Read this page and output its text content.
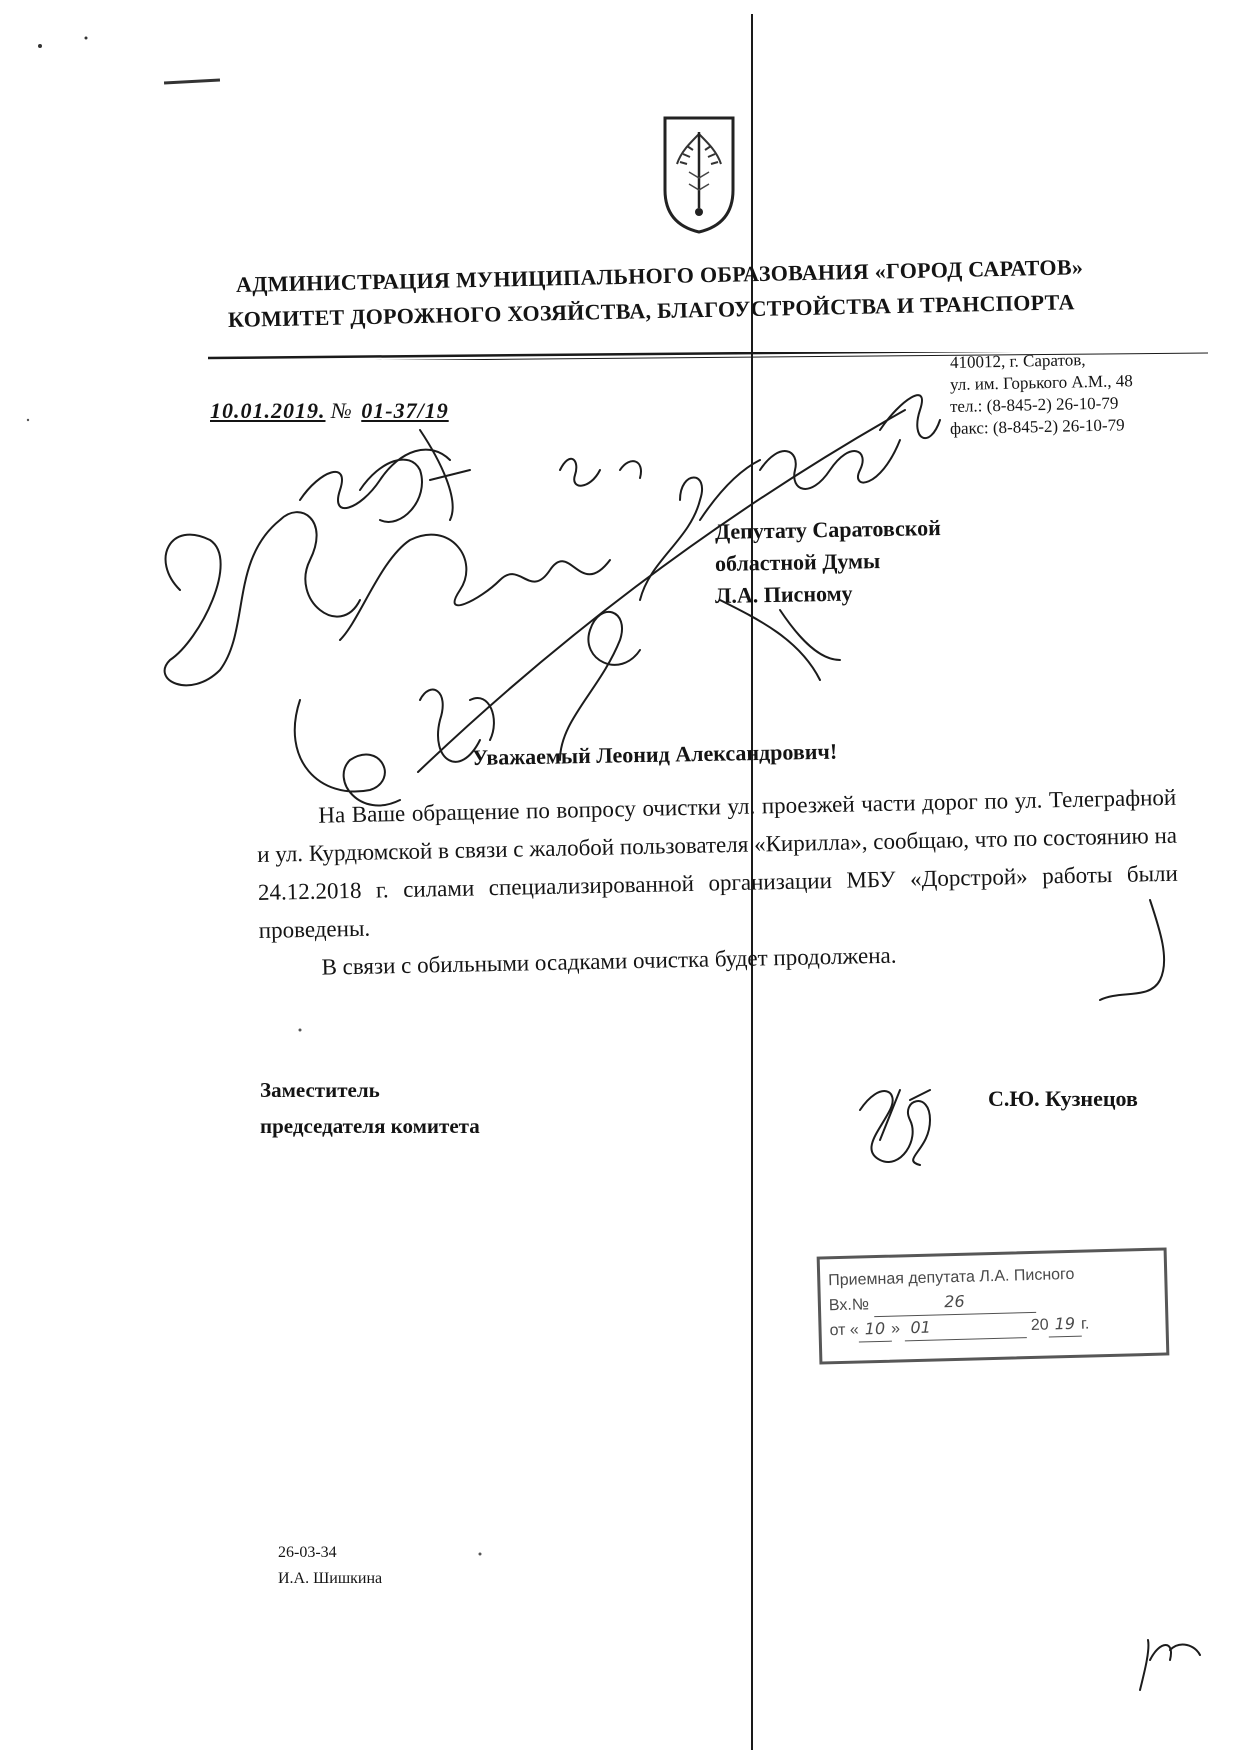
АДМИНИСТРАЦИЯ МУНИЦИПАЛЬНОГО ОБРАЗОВАНИЯ «ГОРОД САРАТОВ»
КОМИТЕТ ДОРОЖНОГО ХОЗЯЙСТВА, БЛАГОУСТРОЙСТВА И ТРАНСПОРТА
410012, г. Саратов,
ул. им. Горького А.М., 48
тел.: (8-845-2) 26-10-79
факс: (8-845-2) 26-10-79
10.01.2019. № 01-37/19
Депутату Саратовской
областной Думы
Л.А. Писному
Уважаемый Леонид Александрович!

На Ваше обращение по вопросу очистки ул. проезжей части дорог по ул. Телеграфной и ул. Курдюмской в связи с жалобой пользователя «Кирилла», сообщаю, что по состоянию на 24.12.2018 г. силами специализированной организации МБУ «Дорстрой» работы были проведены.

В связи с обильными осадками очистка будет продолжена.

Заместитель
председателя комитета
С.Ю. Кузнецов
Приемная депутата Л.А. Писного
Вх.№	26
от « 10 » 01	20 19 г.
26-03-34
И.А. Шишкина
